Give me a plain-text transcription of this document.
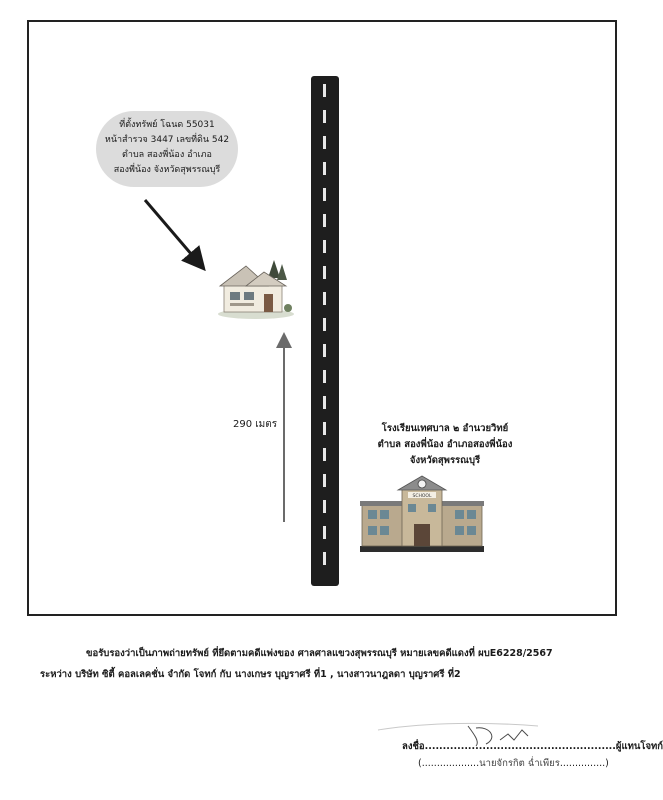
ที่ตั้งทรัพย์ โฉนด 55031
หน้าสำรวจ 3447 เลขที่ดิน 542
ตำบล สองพี่น้อง อำเภอ
สองพี่น้อง จังหวัดสุพรรณบุรี
290 เมตร	โรงเรียนเทศบาล ๒ อำนวยวิทย์
ตำบล สองพี่น้อง อำเภอสองพี่น้อง
จังหวัดสุพรรณบุรี
SCHOOL
ขอรับรองว่าเป็นภาพถ่ายทรัพย์ ที่ยึดตามคดีแพ่งของ ศาลศาลแขวงสุพรรณบุรี หมายเลขคดีแดงที่ ผบE6228/2567
ระหว่าง บริษัท ซิตี้ คอลเลคชั่น จำกัด โจทก์ กับ นางเกษร บุญราศรี ที่1 , นางสาวนาฎลดา บุญราศรี ที่2
ลงชื่อ.....................................................ผู้แทนโจทก์
(...................นายจักรกิต ฉ่ำเพียร...............)
